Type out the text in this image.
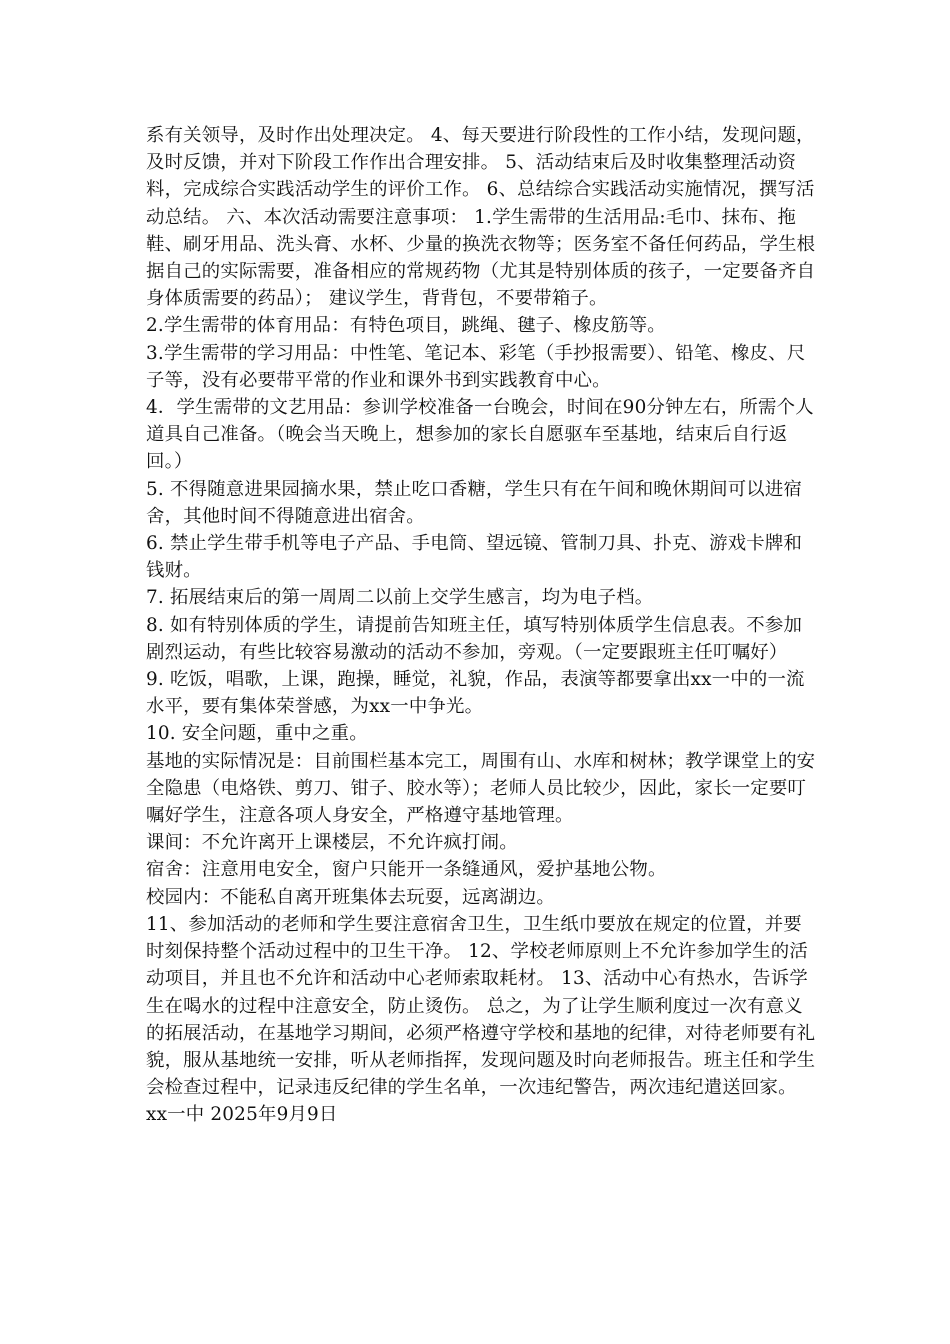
系有关领导，及时作出处理决定。 4、每天要进行阶段性的工作小结，发现问题，及时反馈，并对下阶段工作作出合理安排。 5、活动结束后及时收集整理活动资料，完成综合实践活动学生的评价工作。 6、总结综合实践活动实施情况，撰写活动总结。 六、本次活动需要注意事项： 1.学生需带的生活用品:毛巾、抹布、拖鞋、刷牙用品、洗头膏、水杯、少量的换洗衣物等；医务室不备任何药品，学生根据自己的实际需要，准备相应的常规药物（尤其是特别体质的孩子，一定要备齐自身体质需要的药品）； 建议学生，背背包，不要带箱子。

2.学生需带的体育用品：有特色项目，跳绳、毽子、橡皮筋等。

3.学生需带的学习用品：中性笔、笔记本、彩笔（手抄报需要）、铅笔、橡皮、尺子等，没有必要带平常的作业和课外书到实践教育中心。

4．学生需带的文艺用品：参训学校准备一台晚会，时间在90分钟左右，所需个人道具自己准备。（晚会当天晚上，想参加的家长自愿驱车至基地，结束后自行返回。）

5. 不得随意进果园摘水果，禁止吃口香糖，学生只有在午间和晚休期间可以进宿舍，其他时间不得随意进出宿舍。

6. 禁止学生带手机等电子产品、手电筒、望远镜、管制刀具、扑克、游戏卡牌和钱财。

7. 拓展结束后的第一周周二以前上交学生感言，均为电子档。

8. 如有特别体质的学生，请提前告知班主任，填写特别体质学生信息表。不参加剧烈运动，有些比较容易激动的活动不参加，旁观。（一定要跟班主任叮嘱好）

9. 吃饭，唱歌，上课，跑操，睡觉，礼貌，作品，表演等都要拿出xx一中的一流水平，要有集体荣誉感，为xx一中争光。

10. 安全问题，重中之重。

基地的实际情况是：目前围栏基本完工，周围有山、水库和树林；教学课堂上的安全隐患（电烙铁、剪刀、钳子、胶水等）；老师人员比较少，因此，家长一定要叮嘱好学生，注意各项人身安全，严格遵守基地管理。

课间：不允许离开上课楼层，不允许疯打闹。

宿舍：注意用电安全，窗户只能开一条缝通风，爱护基地公物。

校园内：不能私自离开班集体去玩耍，远离湖边。

11、参加活动的老师和学生要注意宿舍卫生，卫生纸巾要放在规定的位置，并要时刻保持整个活动过程中的卫生干净。 12、学校老师原则上不允许参加学生的活动项目，并且也不允许和活动中心老师索取耗材。 13、活动中心有热水，告诉学生在喝水的过程中注意安全，防止烫伤。 总之，为了让学生顺利度过一次有意义的拓展活动，在基地学习期间，必须严格遵守学校和基地的纪律，对待老师要有礼貌，服从基地统一安排，听从老师指挥，发现问题及时向老师报告。班主任和学生会检查过程中，记录违反纪律的学生名单，一次违纪警告，两次违纪遣送回家。

xx一中 2025年9月9日
